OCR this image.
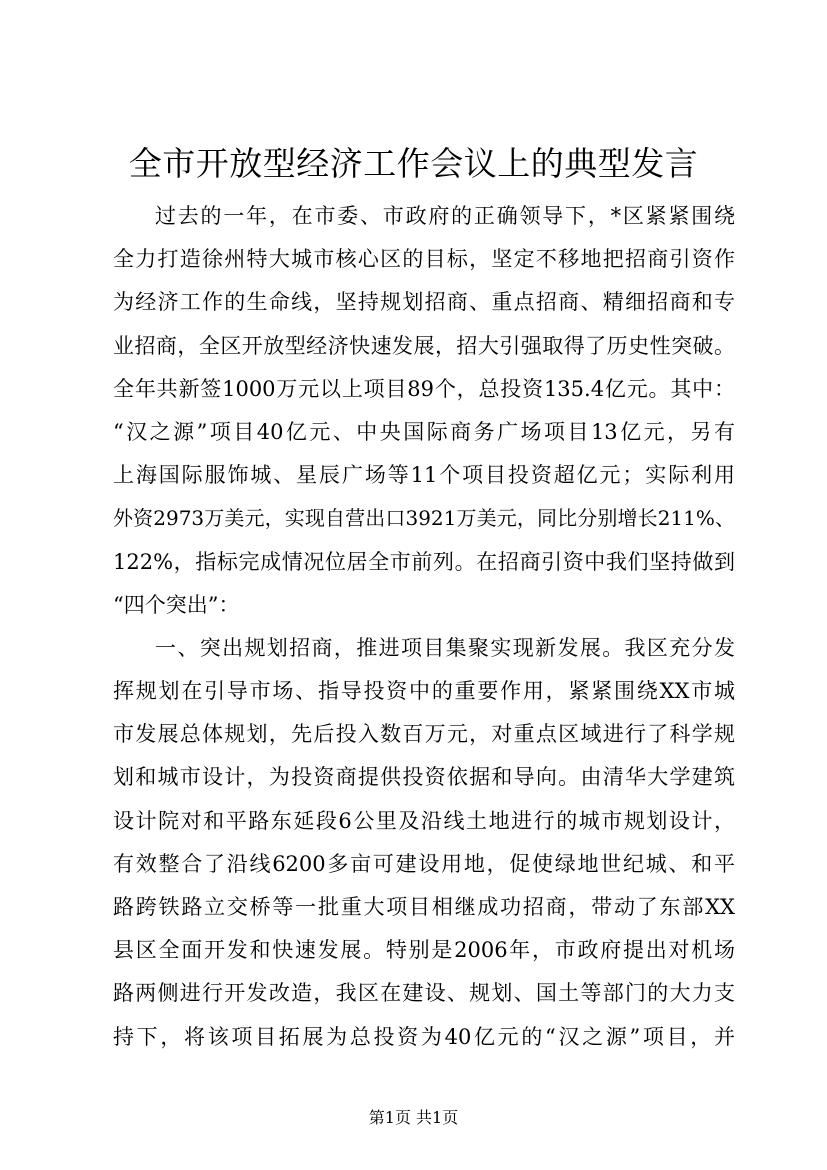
全市开放型经济工作会议上的典型发言
过去的一年，在市委、市政府的正确领导下，*区紧紧围绕
全力打造徐州特大城市核心区的目标，坚定不移地把招商引资作
为经济工作的生命线，坚持规划招商、重点招商、精细招商和专
业招商，全区开放型经济快速发展，招大引强取得了历史性突破。
全年共新签1000万元以上项目89个，总投资135.4亿元。其中：
“汉之源”项目40亿元、中央国际商务广场项目13亿元，另有
上海国际服饰城、星辰广场等11个项目投资超亿元；实际利用
外资2973万美元，实现自营出口3921万美元，同比分别增长211%、
122%，指标完成情况位居全市前列。在招商引资中我们坚持做到
“四个突出”：
一、突出规划招商，推进项目集聚实现新发展。我区充分发
挥规划在引导市场、指导投资中的重要作用，紧紧围绕XX市城
市发展总体规划，先后投入数百万元，对重点区域进行了科学规
划和城市设计，为投资商提供投资依据和导向。由清华大学建筑
设计院对和平路东延段6公里及沿线土地进行的城市规划设计，
有效整合了沿线6200多亩可建设用地，促使绿地世纪城、和平
路跨铁路立交桥等一批重大项目相继成功招商，带动了东部XX
县区全面开发和快速发展。特别是2006年，市政府提出对机场
路两侧进行开发改造，我区在建设、规划、国土等部门的大力支
持下，将该项目拓展为总投资为40亿元的“汉之源”项目，并
第1页 共1页
